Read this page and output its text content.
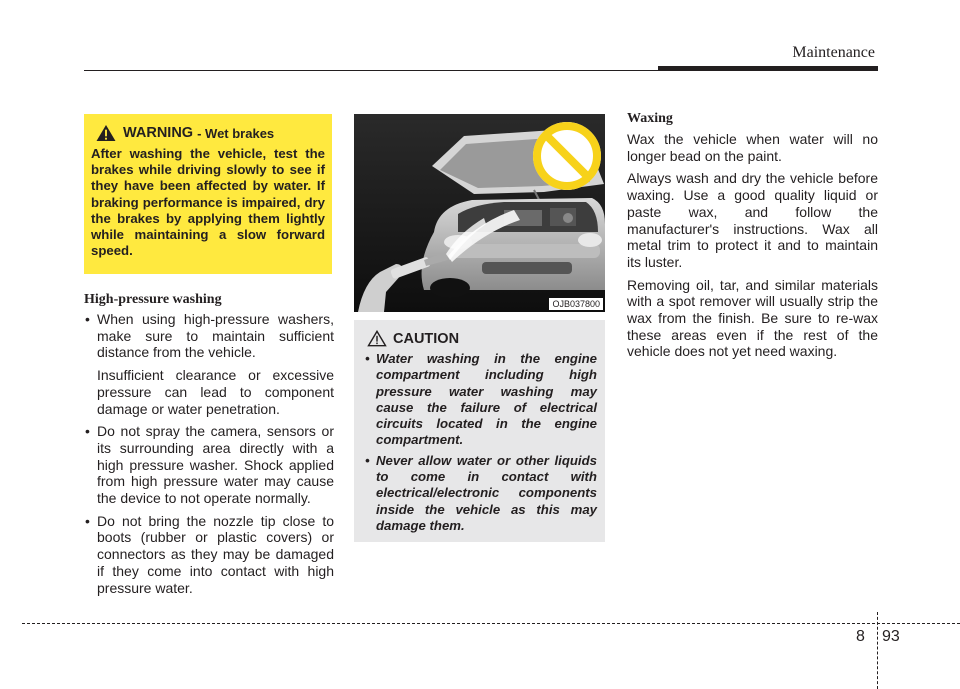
Maintenance
WARNING - Wet brakes
After washing the vehicle, test the brakes while driving slowly to see if they have been affected by water. If braking performance is impaired, dry the brakes by applying them lightly while maintaining a slow forward speed.
High-pressure washing
• When using high-pressure washers, make sure to maintain sufficient distance from the vehicle.

Insufficient clearance or excessive pressure can lead to component damage or water penetration.

• Do not spray the camera, sensors or its surrounding area directly with a high pressure washer. Shock applied from high pressure water may cause the device to not operate normally.

• Do not bring the nozzle tip close to boots (rubber or plastic covers) or connectors as they may be damaged if they come into contact with high pressure water.

OJB037800
CAUTION
• Water washing in the engine compartment including high pressure water washing may cause the failure of electrical circuits located in the engine compartment.
• Never allow water or other liquids to come in contact with electrical/electronic components inside the vehicle as this may damage them.
Waxing

Wax the vehicle when water will no longer bead on the paint.

Always wash and dry the vehicle before waxing. Use a good quality liquid or paste wax, and follow the manufacturer's instructions. Wax all metal trim to protect it and to maintain its luster.

Removing oil, tar, and similar materials with a spot remover will usually strip the wax from the finish. Be sure to re-wax these areas even if the rest of the vehicle does not yet need waxing.

8 93
